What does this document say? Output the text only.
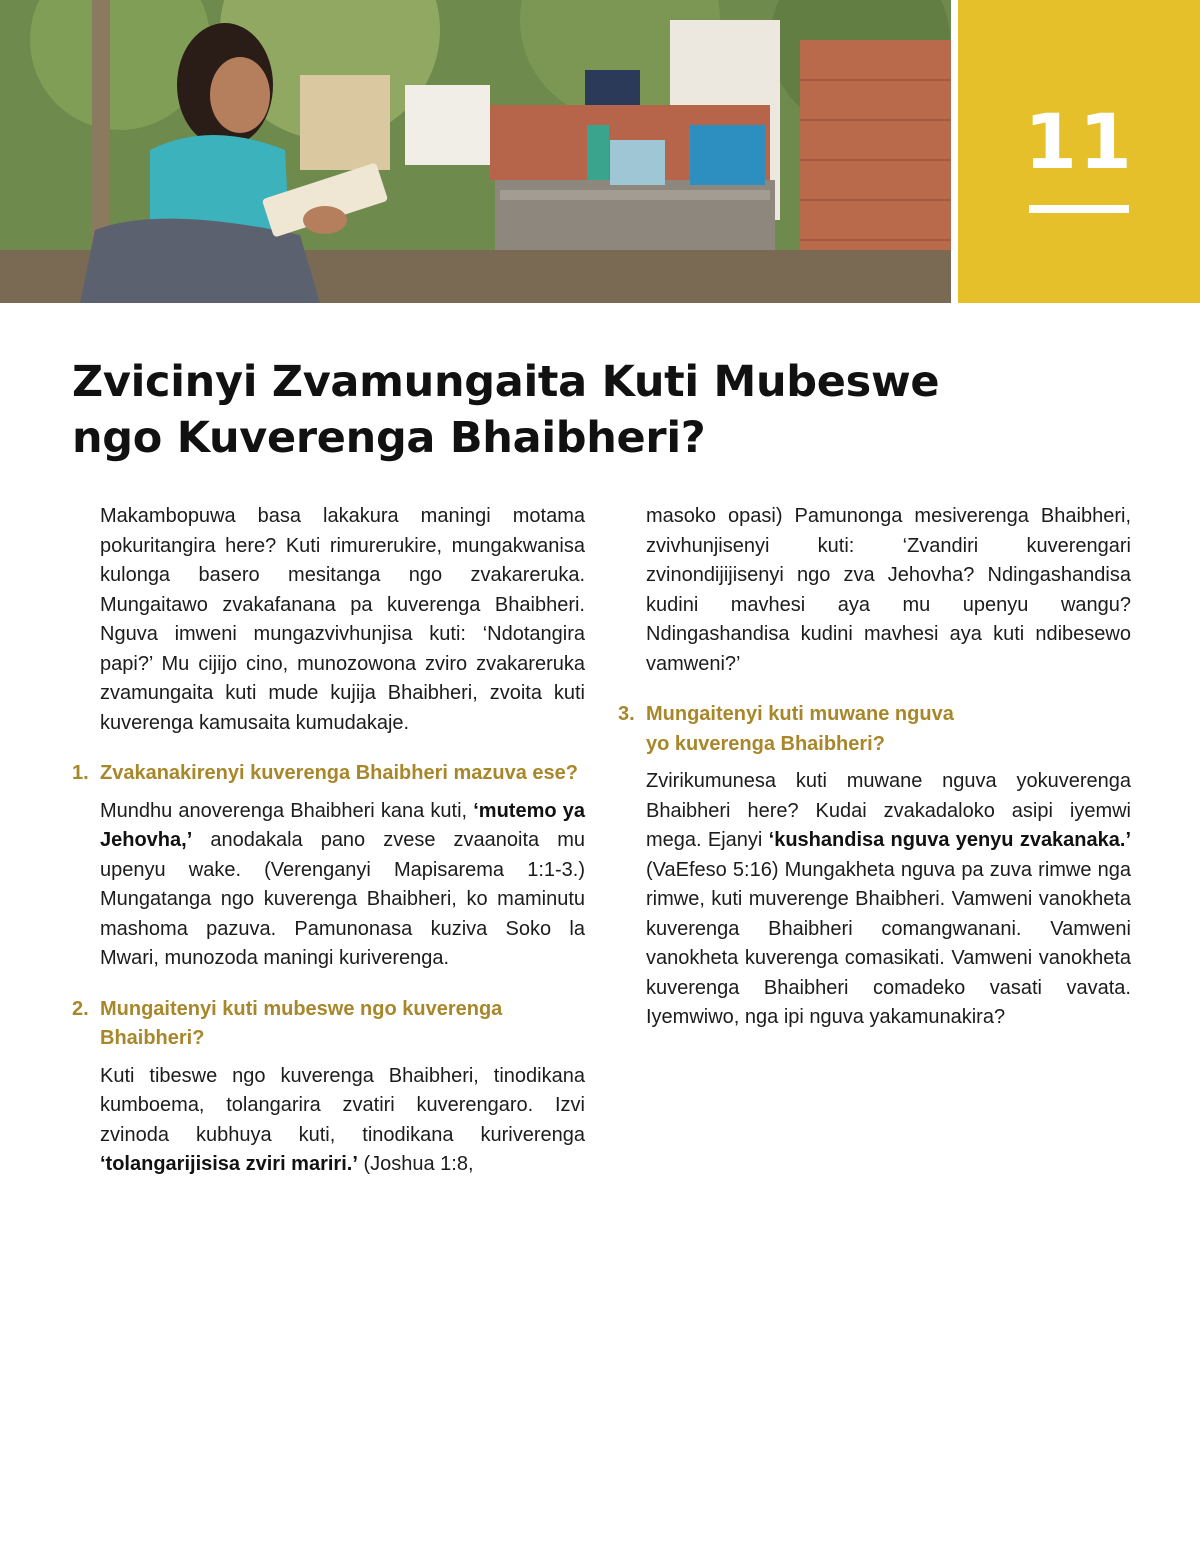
11
Zvicinyi Zvamungaita Kuti Mubeswe
ngo Kuverenga Bhaibheri?

Makambopuwa basa lakakura maningi motama pokuritangira here? Kuti rimurerukire, mungakwanisa kulonga basero mesitanga ngo zvakareruka. Mungaitawo zvakafanana pa kuverenga Bhaibheri. Nguva imweni mungazvivhunjisa kuti: ‘Ndotangira papi?’ Mu cijijo cino, munozowona zviro zvakareruka zvamungaita kuti mude kujija Bhaibheri, zvoita kuti kuverenga kamusaita kumudakaje.

1. Zvakanakirenyi kuverenga Bhaibheri mazuva ese?

Mundhu anoverenga Bhaibheri kana kuti, ‘mutemo ya Jehovha,’ anodakala pano zvese zvaanoita mu upenyu wake. (Verenganyi Mapisarema 1:1-3.) Mungatanga ngo kuverenga Bhaibheri, ko maminutu mashoma pazuva. Pamunonasa kuziva Soko la Mwari, munozoda maningi kuriverenga.

2. Mungaitenyi kuti mubeswe ngo kuverenga Bhaibheri?

Kuti tibeswe ngo kuverenga Bhaibheri, tinodikana kumboema, tolangarira zvatiri kuverengaro. Izvi zvinoda kubhuya kuti, tinodikana kuriverenga ‘tolangarijisisa zviri mariri.’ (Joshua 1:8,

masoko opasi) Pamunonga mesiverenga Bhaibheri, zvivhunjisenyi kuti: ‘Zvandiri kuverengari zvinondijijisenyi ngo zva Jehovha? Ndingashandisa kudini mavhesi aya mu upenyu wangu? Ndingashandisa kudini mavhesi aya kuti ndibesewo vamweni?’

3. Mungaitenyi kuti muwane nguva
yo kuverenga Bhaibheri?

Zvirikumunesa kuti muwane nguva yokuverenga Bhaibheri here? Kudai zvakadaloko asipi iyemwi mega. Ejanyi ‘kushandisa nguva yenyu zvakanaka.’ (VaEfeso 5:16) Mungakheta nguva pa zuva rimwe nga rimwe, kuti muverenge Bhaibheri. Vamweni vanokheta kuverenga Bhaibheri comangwanani. Vamweni vanokheta kuverenga comasikati. Vamweni vanokheta kuverenga Bhaibheri comadeko vasati vavata. Iyemwiwo, nga ipi nguva yakamunakira?
